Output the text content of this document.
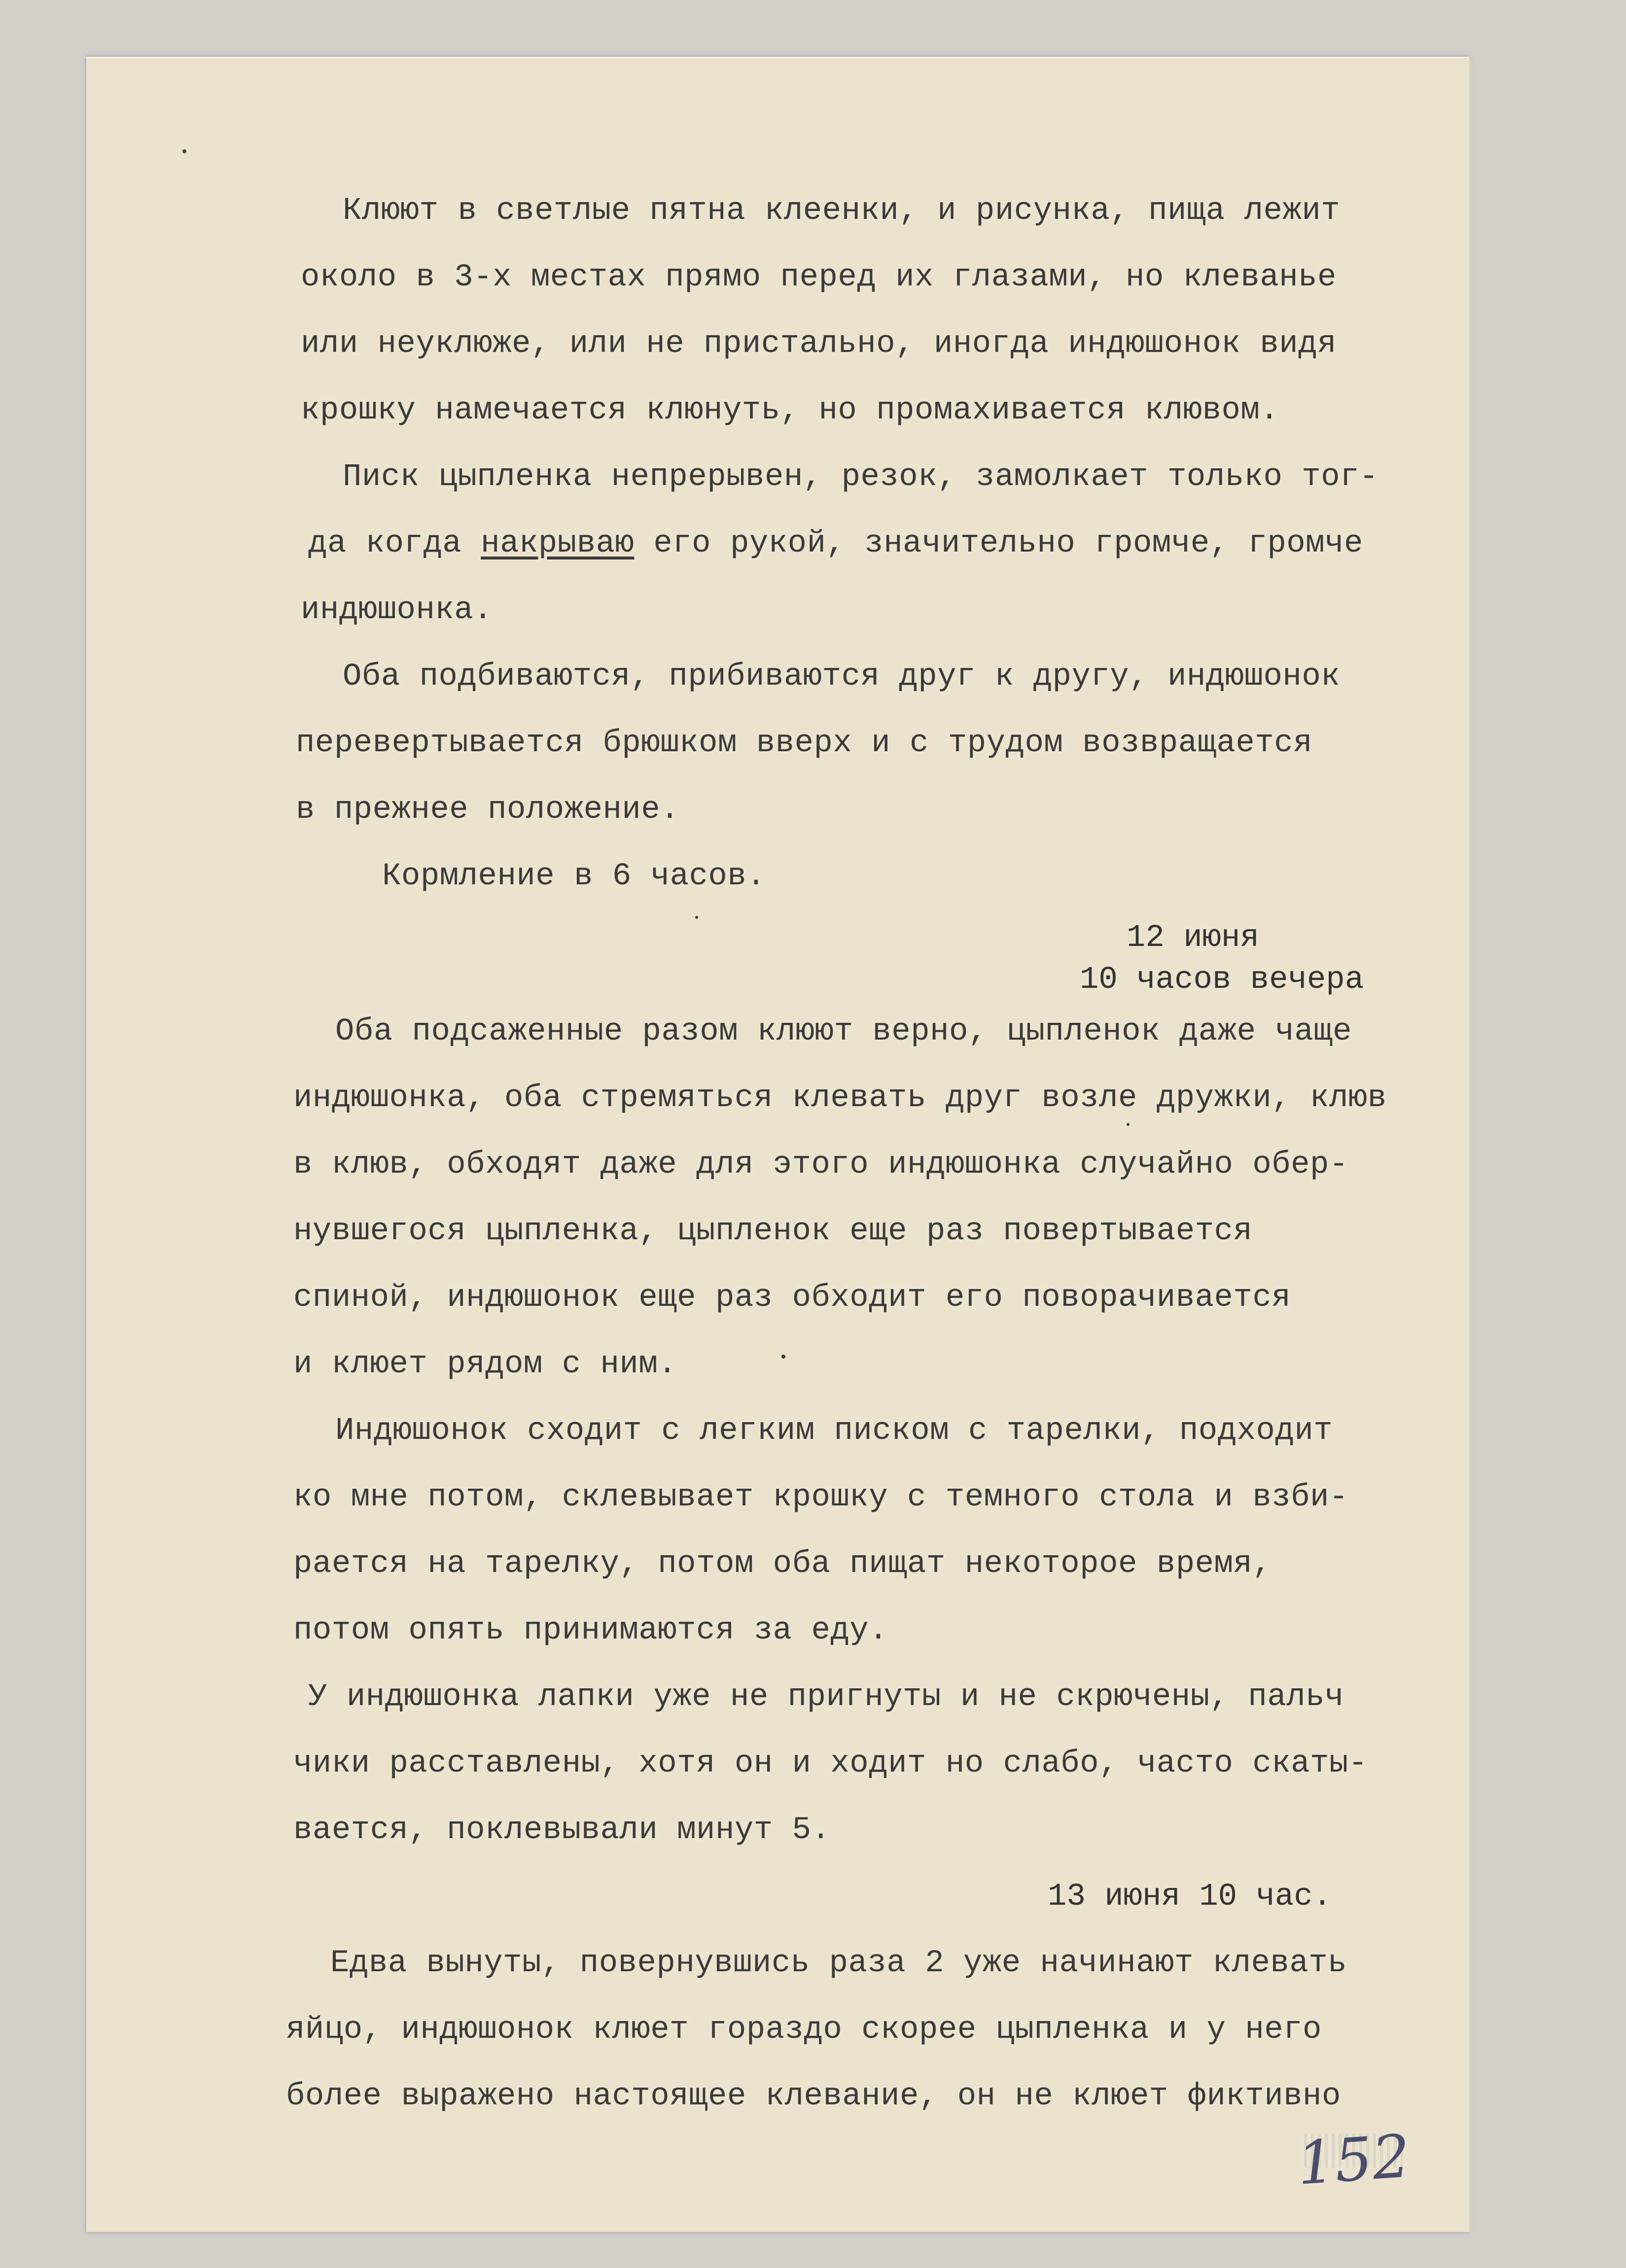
Клюют в светлые пятна клеенки, и рисунка, пища лежит
около в 3-х местах прямо перед их глазами, но клеванье
или неуклюже, или не пристально, иногда индюшонок видя
крошку намечается клюнуть, но промахивается клювом.
Писк цыпленка непрерывен, резок, замолкает только тог-
да когда накрываю его рукой, значительно громче, громче
индюшонка.
Оба подбиваются, прибиваются друг к другу, индюшонок
перевертывается брюшком вверх и с трудом возвращается
в прежнее положение.
Кормление в 6 часов.
12 июня
10 часов вечера
Оба подсаженные разом клюют верно, цыпленок даже чаще
индюшонка, оба стремяться клевать друг возле дружки, клюв
в клюв, обходят даже для этого индюшонка случайно обер-
нувшегося цыпленка, цыпленок еще раз повертывается
спиной, индюшонок еще раз обходит его поворачивается
и клюет рядом с ним.
Индюшонок сходит с легким писком с тарелки, подходит
ко мне потом, склевывает крошку с темного стола и взби-
рается на тарелку, потом оба пищат некоторое время,
потом опять принимаются за еду.
У индюшонка лапки уже не пригнуты и не скрючены, пальч
чики расставлены, хотя он и ходит но слабо, часто скаты-
вается, поклевывали минут 5.
13 июня 10 час.
Едва вынуты, повернувшись раза 2 уже начинают клевать
яйцо, индюшонок клюет гораздо скорее цыпленка и у него
более выражено настоящее клевание, он не клюет фиктивно
152
